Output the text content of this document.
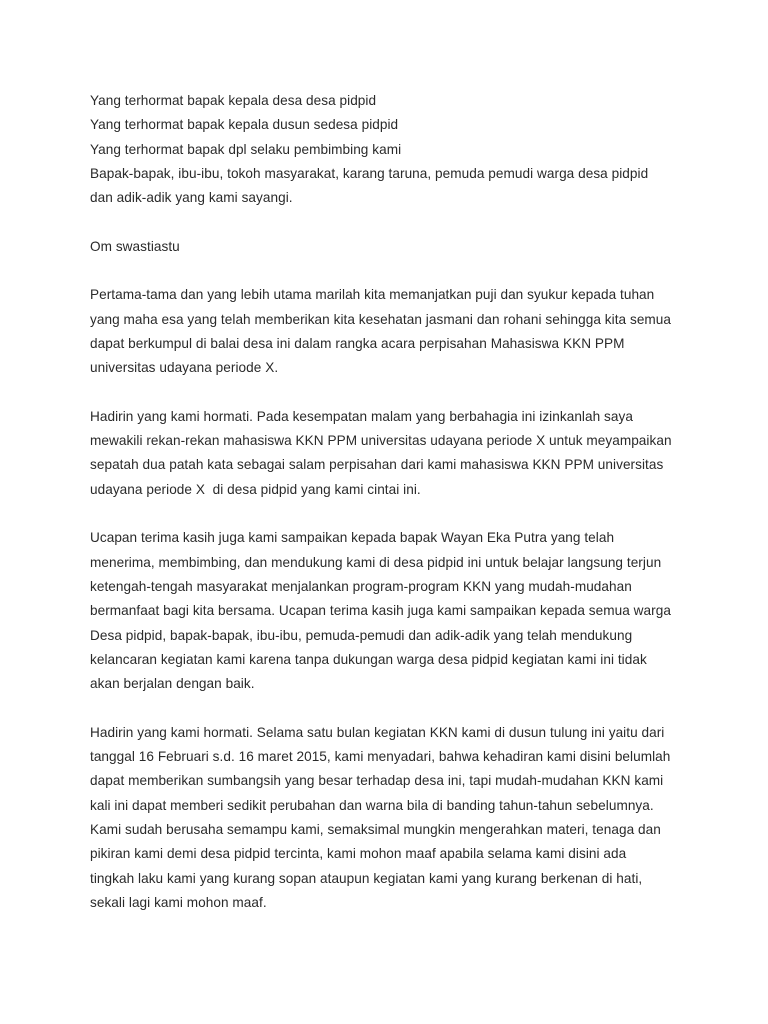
Yang terhormat bapak kepala desa desa pidpid
Yang terhormat bapak kepala dusun sedesa pidpid
Yang terhormat bapak dpl selaku pembimbing kami
Bapak-bapak, ibu-ibu, tokoh masyarakat, karang taruna, pemuda pemudi warga desa pidpid
dan adik-adik yang kami sayangi.
Om swastiastu
Pertama-tama dan yang lebih utama marilah kita memanjatkan puji dan syukur kepada tuhan
yang maha esa yang telah memberikan kita kesehatan jasmani dan rohani sehingga kita semua
dapat berkumpul di balai desa ini dalam rangka acara perpisahan Mahasiswa KKN PPM
universitas udayana periode X.
Hadirin yang kami hormati. Pada kesempatan malam yang berbahagia ini izinkanlah saya
mewakili rekan-rekan mahasiswa KKN PPM universitas udayana periode X untuk meyampaikan
sepatah dua patah kata sebagai salam perpisahan dari kami mahasiswa KKN PPM universitas
udayana periode X  di desa pidpid yang kami cintai ini.
Ucapan terima kasih juga kami sampaikan kepada bapak Wayan Eka Putra yang telah
menerima, membimbing, dan mendukung kami di desa pidpid ini untuk belajar langsung terjun
ketengah-tengah masyarakat menjalankan program-program KKN yang mudah-mudahan
bermanfaat bagi kita bersama. Ucapan terima kasih juga kami sampaikan kepada semua warga
Desa pidpid, bapak-bapak, ibu-ibu, pemuda-pemudi dan adik-adik yang telah mendukung
kelancaran kegiatan kami karena tanpa dukungan warga desa pidpid kegiatan kami ini tidak
akan berjalan dengan baik.
Hadirin yang kami hormati. Selama satu bulan kegiatan KKN kami di dusun tulung ini yaitu dari
tanggal 16 Februari s.d. 16 maret 2015, kami menyadari, bahwa kehadiran kami disini belumlah
dapat memberikan sumbangsih yang besar terhadap desa ini, tapi mudah-mudahan KKN kami
kali ini dapat memberi sedikit perubahan dan warna bila di banding tahun-tahun sebelumnya.
Kami sudah berusaha semampu kami, semaksimal mungkin mengerahkan materi, tenaga dan
pikiran kami demi desa pidpid tercinta, kami mohon maaf apabila selama kami disini ada
tingkah laku kami yang kurang sopan ataupun kegiatan kami yang kurang berkenan di hati,
sekali lagi kami mohon maaf.
